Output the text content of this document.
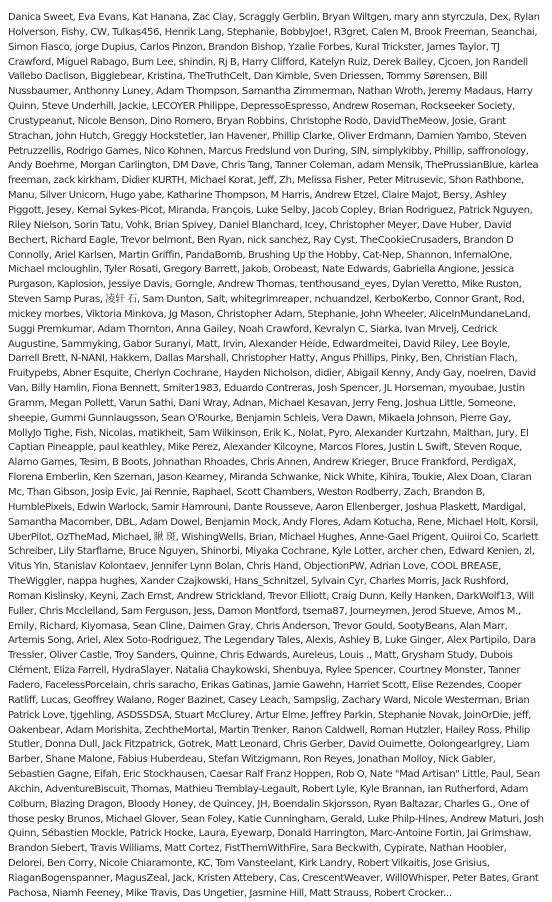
Danica Sweet, Eva Evans, Kat Hanana, Zac Clay, Scraggly Gerblin, Bryan Wiltgen, mary ann styrczula, Dex, Rylan Holverson, Fishy, CW, Tulkas456, Henrik Lang, Stephanie, BobbyJoe!, R3gret, Calen M, Brook Freeman, Seanchai, Simon Fiasco, jorge Dupius, Carlos Pinzon, Brandon Bishop, Yzalie Forbes, Kural Trickster, James Taylor, TJ Crawford, Miguel Rabago, Bum Lee, shindin, Rj B, Harry Clifford, Katelyn Ruiz, Derek Bailey, Cjcoen, Jon Randell Vallebo Daclison, Bigglebear, Kristina, TheTruthCelt, Dan Kimble, Sven Driessen, Tommy Sørensen, Bill Nussbaumer, Anthonny Luney, Adam Thompson, Samantha Zimmerman, Nathan Wroth, Jeremy Madaus, Harry Quinn, Steve Underhill, Jackie, LECOYER Philippe, DepressoEspresso, Andrew Roseman, Rockseeker Society, Crustypeanut, Nicole Benson, Dino Romero, Bryan Robbins, Christophe Rodo, DavidTheMeow, Josie, Grant Strachan, John Hutch, Greggy Hockstetler, Ian Havener, Phillip Clarke, Oliver Erdmann, Damien Yambo, Steven Petruzzellis, Rodrigo Games, Nico Kohnen, Marcus Fredslund von During, SIN, simplykibby, Phillip, saffronology, Andy Boehme, Morgan Carlington, DM Dave, Chris Tang, Tanner Coleman, adam Mensik, ThePrussianBlue, karlea freeman, zack kirkham, Didier KURTH, Michael Korat, Jeff, Zh, Melissa Fisher, Peter Mitrusevic, Shon Rathbone, Manu, Silver Unicorn, Hugo yabe, Katharine Thompson, M Harris, Andrew Etzel, Claire Majot, Bersy, Ashley Piggott, Jesey, Kemal Sykes-Picot, Miranda, François, Luke Selby, Jacob Copley, Brian Rodriguez, Patrick Nguyen, Riley Nielson, Sorin Tatu, Vohk, Brian Spivey, Daniel Blanchard, Icey, Christopher Meyer, Dave Huber, David Bechert, Richard Eagle, Trevor belmont, Ben Ryan, nick sanchez, Ray Cyst, TheCookieCrusaders, Brandon D Connolly, Ariel Karlsen, Martin Griffin, PandaBomb, Brushing Up the Hobby, Cat-Nep, Shannon, InfernalOne, Michael mcloughlin, Tyler Rosati, Gregory Barrett, Jakob, Orobeast, Nate Edwards, Gabriella Angione, Jessica Purgason, Kaplosion, Jessiye Davis, Gorngle, Andrew Thomas, tenthousand_eyes, Dylan Veretto, Mike Ruston, Steven Samp Puras, 凌轩 石, Sam Dunton, Salt, whitegrimreaper, nchuandzel, KerboKerbo, Connor Grant, Rod, mickey morbes, Viktoria Minkova, Jg Mason, Christopher Adam, Stephanie, John Wheeler, AliceInMundaneLand, Suggi Premkumar, Adam Thornton, Anna Gailey, Noah Crawford, Kevralyn C, Siarka, Ivan Mrvelj, Cedrick Augustine, Sammyking, Gabor Suranyi, Matt, Irvin, Alexander Heide, Edwardmeitei, David Riley, Lee Boyle, Darrell Brett, N-NANI, Hakkem, Dallas Marshall, Christopher Hatty, Angus Phillips, Pinky, Ben, Christian Flach, Fruitypebs, Abner Esquite, Cherlyn Cochrane, Hayden Nicholson, didier, Abigail Kenny, Andy Gay, noelren, David Van, Billy Hamlin, Fiona Bennett, Smiter1983, Eduardo Contreras, Josh Spencer, JL Horseman, myoubae, Justin Gramm, Megan Pollett, Varun Sathi, Dani Wray, Adnan, Michael Kesavan, Jerry Feng, Joshua Little, Someone, sheepie, Gummi Gunnlaugsson, Sean O'Rourke, Benjamin Schleis, Vera Dawn, Mikaela Johnson, Pierre Gay, MollyJo Tighe, Fish, Nicolas, matikheit, Sam Wilkinson, Erik K., Nolat, Pyro, Alexander Kurtzahn, Malthan, Jury, El Captian Pineapple, paul keathley, Mike Perez, Alexander Kilcoyne, Marcos Flores, Justin L Swift, Steven Roque, Alamo Games, Tesim, B Boots, Johnathan Rhoades, Chris Annen, Andrew Krieger, Bruce Frankford, PerdigaX, Florena Emberlin, Ken Szeman, Jason Kearney, Miranda Schwanke, Nick White, Kihira, Toukie, Alex Doan, Claran Mc, Than Gibson, Josip Evic, Jai Rennie, Raphael, Scott Chambers, Weston Rodberry, Zach, Brandon B, HumblePixels, Edwin Warlock, Samir Hamrouni, Dante Rousseve, Aaron Ellenberger, Joshua Plaskett, Mardigal, Samantha Macomber, DBL, Adam Dowel, Benjamin Mock, Andy Flores, Adam Kotucha, Rene, Michael Holt, Korsil, UberPilot, OzTheMad, Michael, 瞅 斑, WishingWells, Brian, Michael Hughes, Anne-Gael Prigent, Quiiroi Co, Scarlett Schreiber, Lily Starflame, Bruce Nguyen, Shinorbi, Miyaka Cochrane, Kyle Lotter, archer chen, Edward Kenien, zl, Vitus Yin, Stanislav Kolontaev, Jennifer Lynn Bolan, Chris Hand, ObjectionPW, Adrian Love, COOL BREASE, TheWiggler, nappa hughes, Xander Czajkowski, Hans_Schnitzel, Sylvain Cyr, Charles Morris, Jack Rushford, Roman Kislinsky, Keyni, Zach Ernst, Andrew Strickland, Trevor Elliott, Craig Dunn, Kelly Hanken, DarkWolf13, Will Fuller, Chris Mcclelland, Sam Ferguson, Jess, Damon Montford, tsema87, Journeymen, Jerod Stueve, Amos M., Emily, Richard, Kiyomasa, Sean Cline, Daimen Gray, Chris Anderson, Trevor Gould, SootyBeans, Alan Marr, Artemis Song, Ariel, Alex Soto-Rodriguez, The Legendary Tales, Alexis, Ashley B, Luke Ginger, Alex Partipilo, Dara Tressler, Oliver Castle, Troy Sanders, Quinne, Chris Edwards, Aureleus, Louis ., Matt, Grysham Study, Dubois Clément, Eliza Farrell, HydraSlayer, Natalia Chaykowski, Shenbuya, Rylee Spencer, Courtney Monster, Tanner Fadero, FacelessPorcelain, chris saracho, Erikas Gatinas, Jamie Gawehn, Harriet Scott, Elise Rezendes, Cooper Ratliff, Lucas, Geoffrey Walano, Roger Bazinet, Casey Leach, Sampslig, Zachary Ward, Nicole Westerman, Brian Patrick Love, tjgehling, ASDSSDSA, Stuart McClurey, Artur Elme, Jeffrey Parkin, Stephanie Novak, JoinOrDie, jeff, Oakenbear, Adam Morishita, ZechtheMortal, Martin Trenker, Ranon Caldwell, Roman Hutzler, Hailey Ross, Philip Stutler, Donna Dull, Jack Fitzpatrick, Gotrek, Matt Leonard, Chris Gerber, David Ouimette, Oolongearlgrey, Liam Barber, Shane Malone, Fabius Huberdeau, Stefan Witzigmann, Ron Reyes, Jonathan Molloy, Nick Gabler, Sebastien Gagne, Eifah, Eric Stockhausen, Caesar Ralf Franz Hoppen, Rob O, Nate "Mad Artisan" Little, Paul, Sean Akchin, AdventureBiscuit, Thomas, Mathieu Tremblay-Legault, Robert Lyle, Kyle Brannan, Ian Rutherford, Adam Colburn, Blazing Dragon, Bloody Honey, de Quincey, JH, Boendalin Skjorsson, Ryan Baltazar, Charles G., One of those pesky Brunos, Michael Glover, Sean Foley, Katie Cunningham, Gerald, Luke Philp-Hines, Andrew Maturi, Josh Quinn, Sébastien Mockle, Patrick Hocke, Laura, Eyewarp, Donald Harrington, Marc-Antoine Fortin, Jai Grimshaw, Brandon Siebert, Travis Williams, Matt Cortez, FistThemWithFire, Sara Beckwith, Cypirate, Nathan Hoobler, Delorei, Ben Corry, Nicole Chiaramonte, KC, Tom Vansteelant, Kirk Landry, Robert Vilkaitis, Jose Grisius, RiaganBogenspanner, MagusZeal, Jack, Kristen Attebery, Cas, CrescentWeaver, Will0Whisper, Peter Bates, Grant Pachosa, Niamh Feeney, Mike Travis, Das Ungetier, Jasmine Hill, Matt Strauss, Robert Crocker...
